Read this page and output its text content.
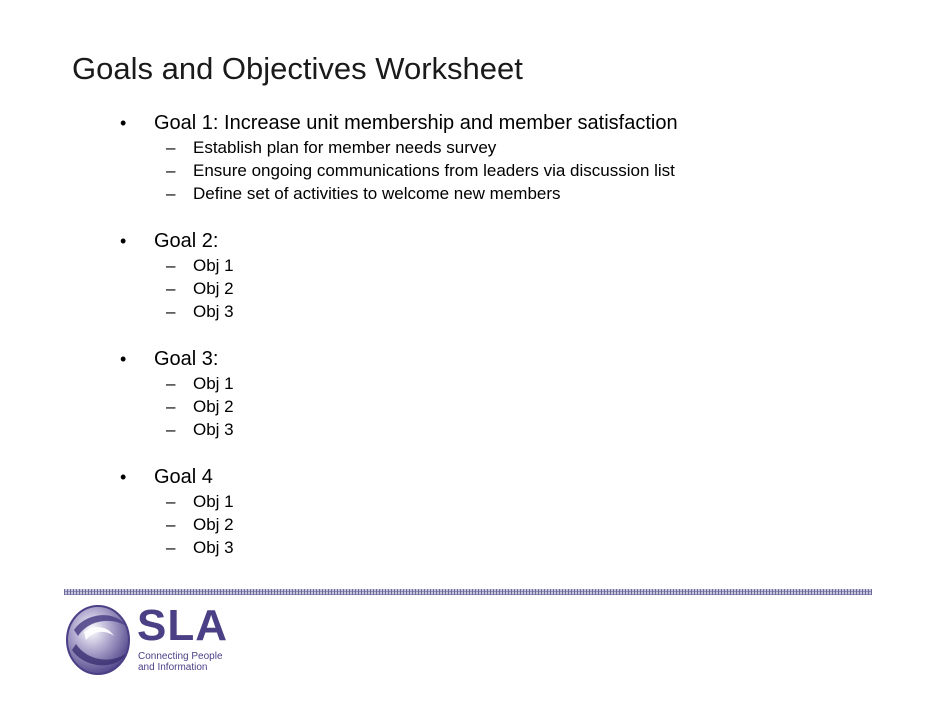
Goals and Objectives Worksheet
• Goal 1: Increase unit membership and member satisfaction
– Establish plan for member needs survey
– Ensure ongoing communications from leaders via discussion list
– Define set of activities to welcome new members
• Goal 2:
– Obj 1
– Obj 2
– Obj 3
• Goal 3:
– Obj 1
– Obj 2
– Obj 3
• Goal 4
– Obj 1
– Obj 2
– Obj 3
SLA
Connecting People
and Information
